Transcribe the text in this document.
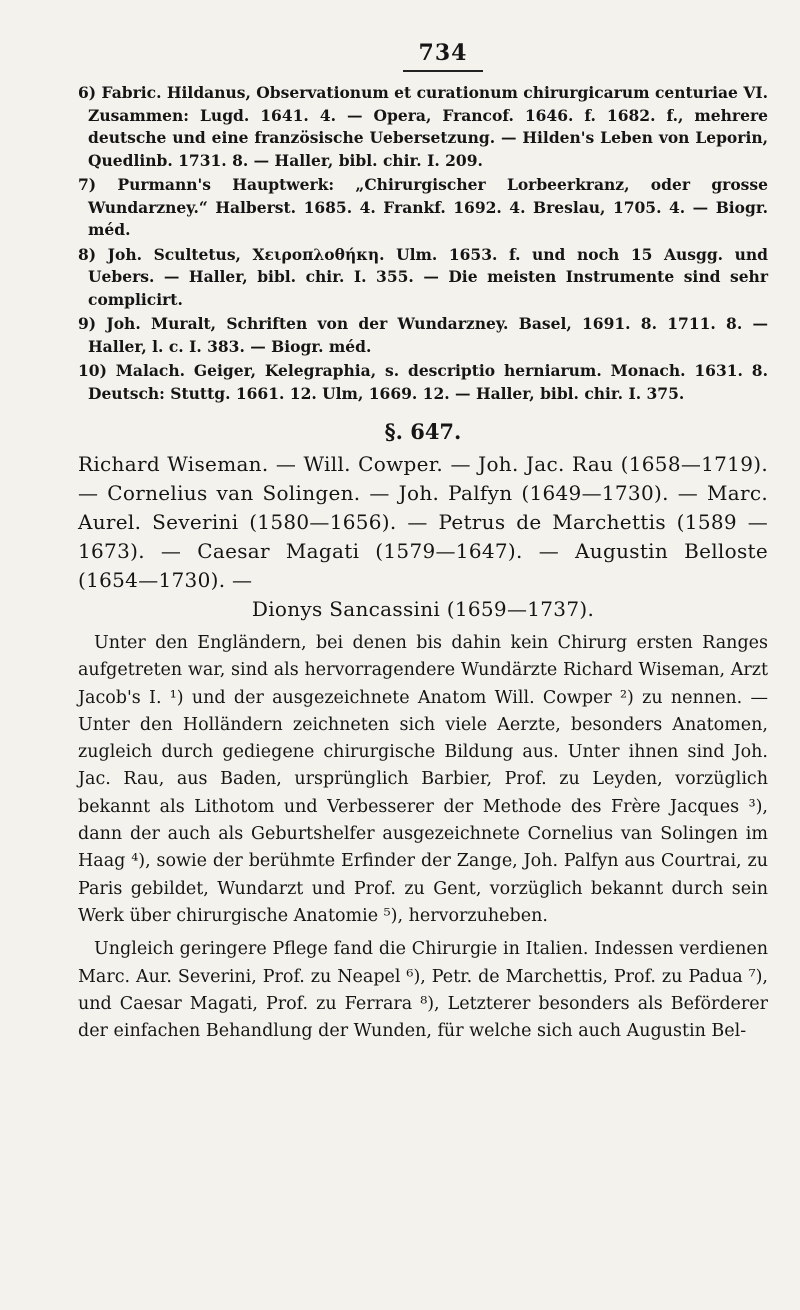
734
6) Fabric. Hildanus, Observationum et curationum chirurgicarum centuriae VI. Zusammen: Lugd. 1641. 4. — Opera, Francof. 1646. f. 1682. f., mehrere deutsche und eine französische Uebersetzung. — Hilden's Leben von Leporin, Quedlinb. 1731. 8. — Haller, bibl. chir. I. 209.
7) Purmann's Hauptwerk: „Chirurgischer Lorbeerkranz, oder grosse Wundarzney.“ Halberst. 1685. 4. Frankf. 1692. 4. Breslau, 1705. 4. — Biogr. méd.
8) Joh. Scultetus, Χειροπλοθήκη. Ulm. 1653. f. und noch 15 Ausgg. und Uebers. — Haller, bibl. chir. I. 355. — Die meisten Instrumente sind sehr complicirt.
9) Joh. Muralt, Schriften von der Wundarzney. Basel, 1691. 8. 1711. 8. — Haller, l. c. I. 383. — Biogr. méd.
10) Malach. Geiger, Kelegraphia, s. descriptio herniarum. Monach. 1631. 8. Deutsch: Stuttg. 1661. 12. Ulm, 1669. 12. — Haller, bibl. chir. I. 375.
§. 647.
Richard Wiseman. — Will. Cowper. — Joh. Jac. Rau (1658—1719). — Cornelius van Solingen. — Joh. Palfyn (1649—1730). — Marc. Aurel. Severini (1580—1656). — Petrus de Marchettis (1589 — 1673). — Caesar Magati (1579—1647). — Augustin Belloste (1654—1730). —
Dionys Sancassini (1659—1737).

Unter den Engländern, bei denen bis dahin kein Chirurg ersten Ranges aufgetreten war, sind als hervorragendere Wundärzte Richard Wiseman, Arzt Jacob's I. ¹) und der ausgezeichnete Anatom Will. Cowper ²) zu nennen. — Unter den Holländern zeichneten sich viele Aerzte, besonders Anatomen, zugleich durch gediegene chirurgische Bildung aus. Unter ihnen sind Joh. Jac. Rau, aus Baden, ursprünglich Barbier, Prof. zu Leyden, vorzüglich bekannt als Lithotom und Verbesserer der Methode des Frère Jacques ³), dann der auch als Geburtshelfer ausgezeichnete Cornelius van Solingen im Haag ⁴), sowie der berühmte Erfinder der Zange, Joh. Palfyn aus Courtrai, zu Paris gebildet, Wundarzt und Prof. zu Gent, vorzüglich bekannt durch sein Werk über chirurgische Anatomie ⁵), hervorzuheben.

Ungleich geringere Pflege fand die Chirurgie in Italien. Indessen verdienen Marc. Aur. Severini, Prof. zu Neapel ⁶), Petr. de Marchettis, Prof. zu Padua ⁷), und Caesar Magati, Prof. zu Ferrara ⁸), Letzterer besonders als Beförderer der einfachen Behandlung der Wunden, für welche sich auch Augustin Bel-
